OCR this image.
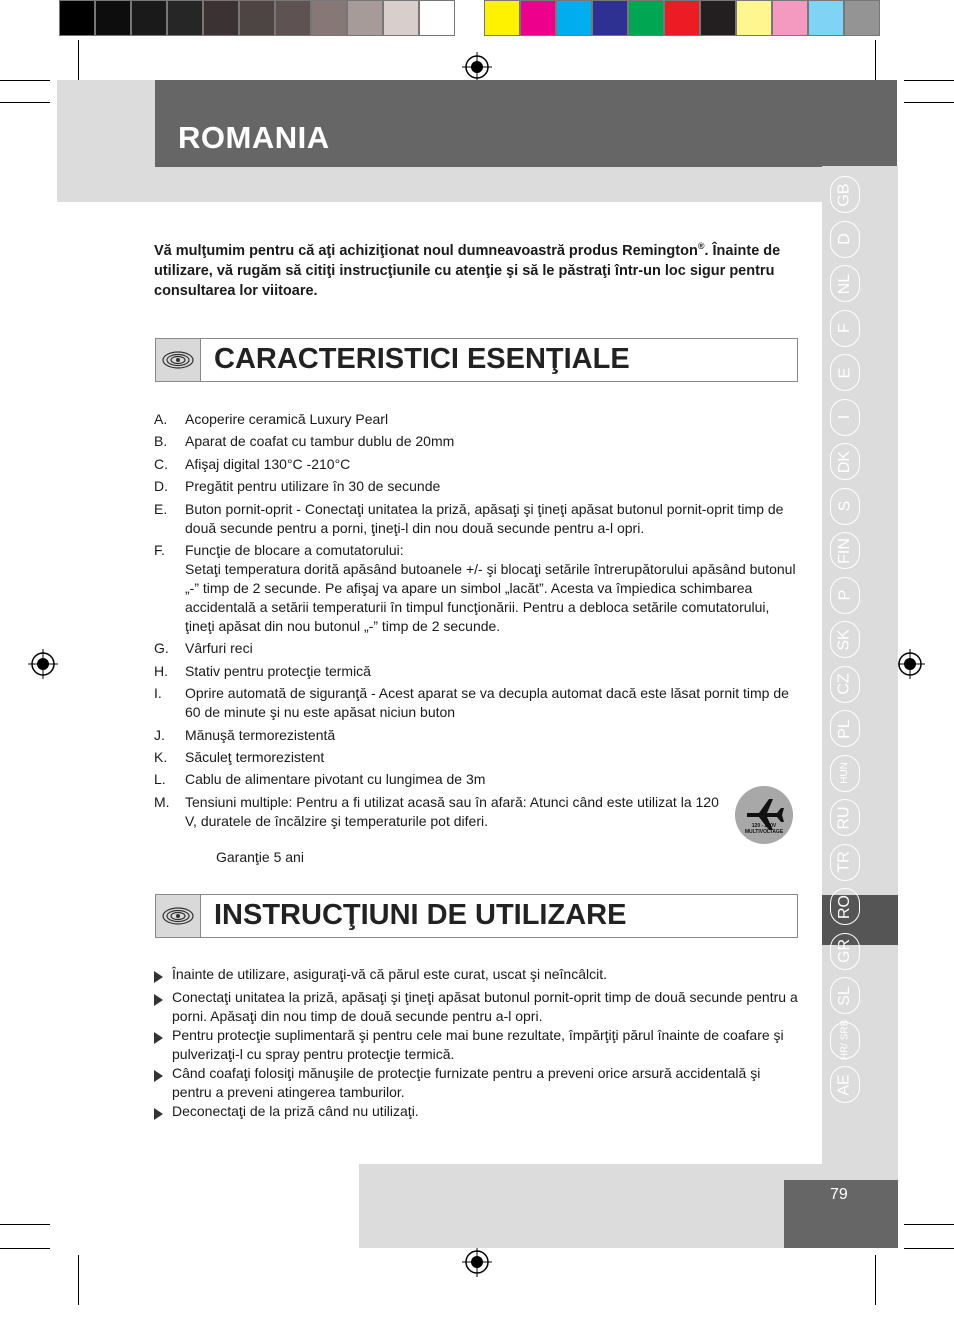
ROMANIA
GB
D
NL
F
E
I
DK
S
FIN
P
SK
CZ
PL
HUN
RU
TR
RO
GR
SL
HR/ SRB
AE
Vă mulţumim pentru că aţi achiziţionat noul dumneavoastră produs Remington®. Înainte de utilizare, vă rugăm să citiţi instrucţiunile cu atenţie şi să le păstraţi într-un loc sigur pentru consultarea lor viitoare.
CARACTERISTICI ESENŢIALE
A.	Acoperire ceramică Luxury Pearl
B.	Aparat de coafat cu tambur dublu de 20mm
C.	Afişaj digital 130°C -210°C
D.	Pregătit pentru utilizare în 30 de secunde
E.	Buton pornit-oprit - Conectaţi unitatea la priză, apăsaţi şi ţineţi apăsat butonul pornit-oprit timp de două secunde pentru a porni, ţineţi-l din nou două secunde pentru a-l opri.
F.	Funcţie de blocare a comutatorului:
Setaţi temperatura dorită apăsând butoanele +/- şi blocaţi setările întrerupătorului apăsând butonul „-” timp de 2 secunde. Pe afişaj va apare un simbol „lacăt”. Acesta va împiedica schimbarea accidentală a setării temperaturii în timpul funcţionării. Pentru a debloca setările comutatorului, ţineţi apăsat din nou butonul „-” timp de 2 secunde.
G.	Vârfuri reci
H.	Stativ pentru protecţie termică
I.	Oprire automată de siguranţă - Acest aparat se va decupla automat dacă este lăsat pornit timp de 60 de minute şi nu este apăsat niciun buton
J.	Mănuşă termorezistentă
K.	Săculeţ termorezistent
L.	Cablu de alimentare pivotant cu lungimea de 3m
M.	Tensiuni multiple: Pentru a fi utilizat acasă sau în afară: Atunci când este utilizat la 120 V, duratele de încălzire şi temperaturile pot diferi.	120 - 240V
MULTIVOLTAGE
Garanţie 5 ani
INSTRUCŢIUNI DE UTILIZARE
Înainte de utilizare, asiguraţi-vă că părul este curat, uscat şi neîncâlcit.
Conectaţi unitatea la priză, apăsaţi şi ţineţi apăsat butonul pornit-oprit timp de două secunde pentru a porni. Apăsaţi din nou timp de două secunde pentru a-l opri.
Pentru protecţie suplimentară şi pentru cele mai bune rezultate, împărţiţi părul înainte de coafare şi pulverizaţi-l cu spray pentru protecţie termică.
Când coafaţi folosiţi mănuşile de protecţie furnizate pentru a preveni orice arsură accidentală şi pentru a preveni atingerea tamburilor.
Deconectaţi de la priză când nu utilizaţi.
79
